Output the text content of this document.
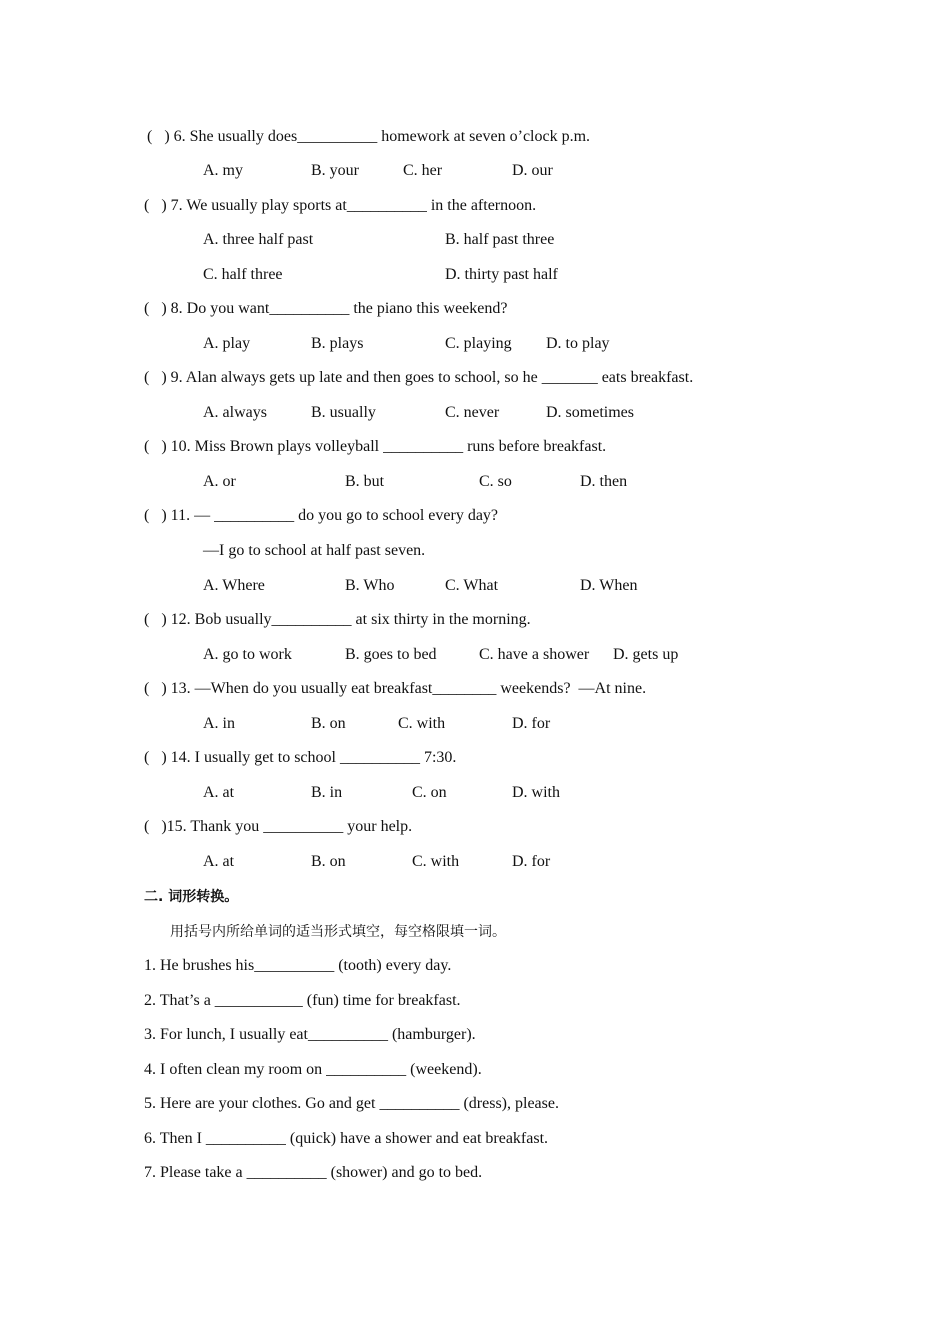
(   ) 6. She usually does__________ homework at seven o’clock p.m.
A. my	B. your	C. her	D. our
(   ) 7. We usually play sports at__________ in the afternoon.
A. three half past	B. half past three
C. half three	D. thirty past half
(   ) 8. Do you want__________ the piano this weekend?
A. play	B. plays	C. playing D. to play
(   ) 9. Alan always gets up late and then goes to school, so he _______ eats breakfast.
A. always	B. usually	C. never	D. sometimes
(   ) 10. Miss Brown plays volleyball __________ runs before breakfast.
A. or	B. but	C. so	D. then
(   ) 11. — __________ do you go to school every day?
—I go to school at half past seven.
A. Where	B. Who	C. What	D. When
(   ) 12. Bob usually__________ at six thirty in the morning.
A. go to work	B. goes to bed	C. have a shower D. gets up
(   ) 13. —When do you usually eat breakfast________ weekends?  —At nine.
A. in	B. on	C. with	D. for
(   ) 14. I usually get to school __________ 7:30.
A. at	B. in	C. on	D. with
(   )15. Thank you __________ your help.
A. at	B. on	C. with	D. for
二. 词形转换。
用括号内所给单词的适当形式填空，每空格限填一词。
1. He brushes his__________ (tooth) every day.
2. That’s a ___________ (fun) time for breakfast.
3. For lunch, I usually eat__________ (hamburger).
4. I often clean my room on __________ (weekend).
5. Here are your clothes. Go and get __________ (dress), please.
6. Then I __________ (quick) have a shower and eat breakfast.
7. Please take a __________ (shower) and go to bed.
